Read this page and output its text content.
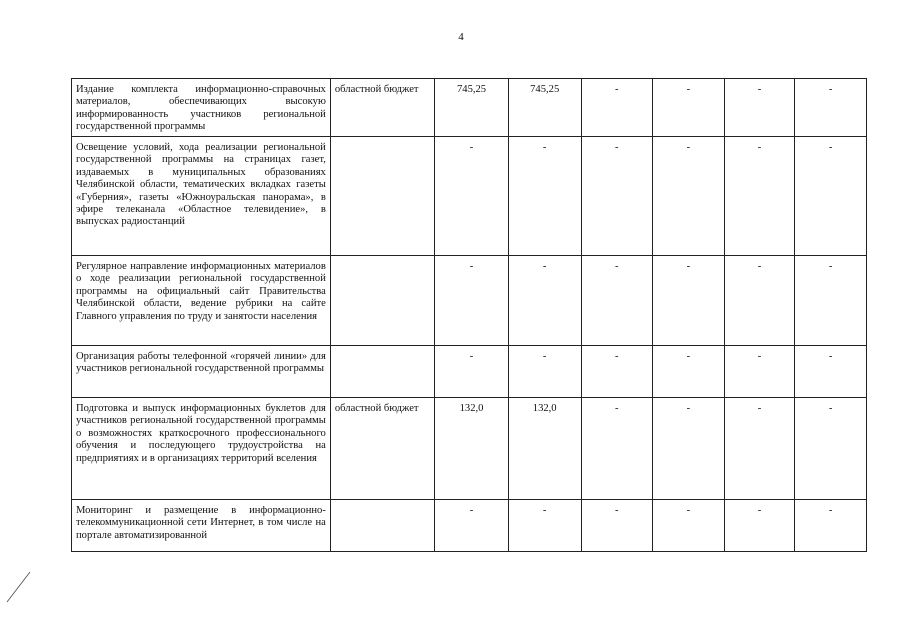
4
Издание комплекта информационно-справочных материалов, обеспечивающих высокую информированность участников региональной государственной программы	областной бюджет	745,25	745,25	-	-	-	-
Освещение условий, хода реализации региональной государственной программы на страницах газет, издаваемых в муниципальных образованиях Челябинской области, тематических вкладках газеты «Губерния», газеты «Южноуральская панорама», в эфире телеканала «Областное телевидение», в выпусках радиостанций		-	-	-	-	-	-
Регулярное направление информационных материалов о ходе реализации региональной государственной программы на официальный сайт Правительства Челябинской области, ведение рубрики на сайте Главного управления по труду и занятости населения		-	-	-	-	-	-
Организация работы телефонной «горячей линии» для участников региональной государственной программы		-	-	-	-	-	-
Подготовка и выпуск информационных буклетов для участников региональной государственной программы о возможностях краткосрочного профессионального обучения и последующего трудоустройства на предприятиях и в организациях территорий вселения	областной бюджет	132,0	132,0	-	-	-	-
Мониторинг и размещение в информационно-телекоммуникационной сети Интернет, в том числе на портале автоматизированной		-	-	-	-	-	-
